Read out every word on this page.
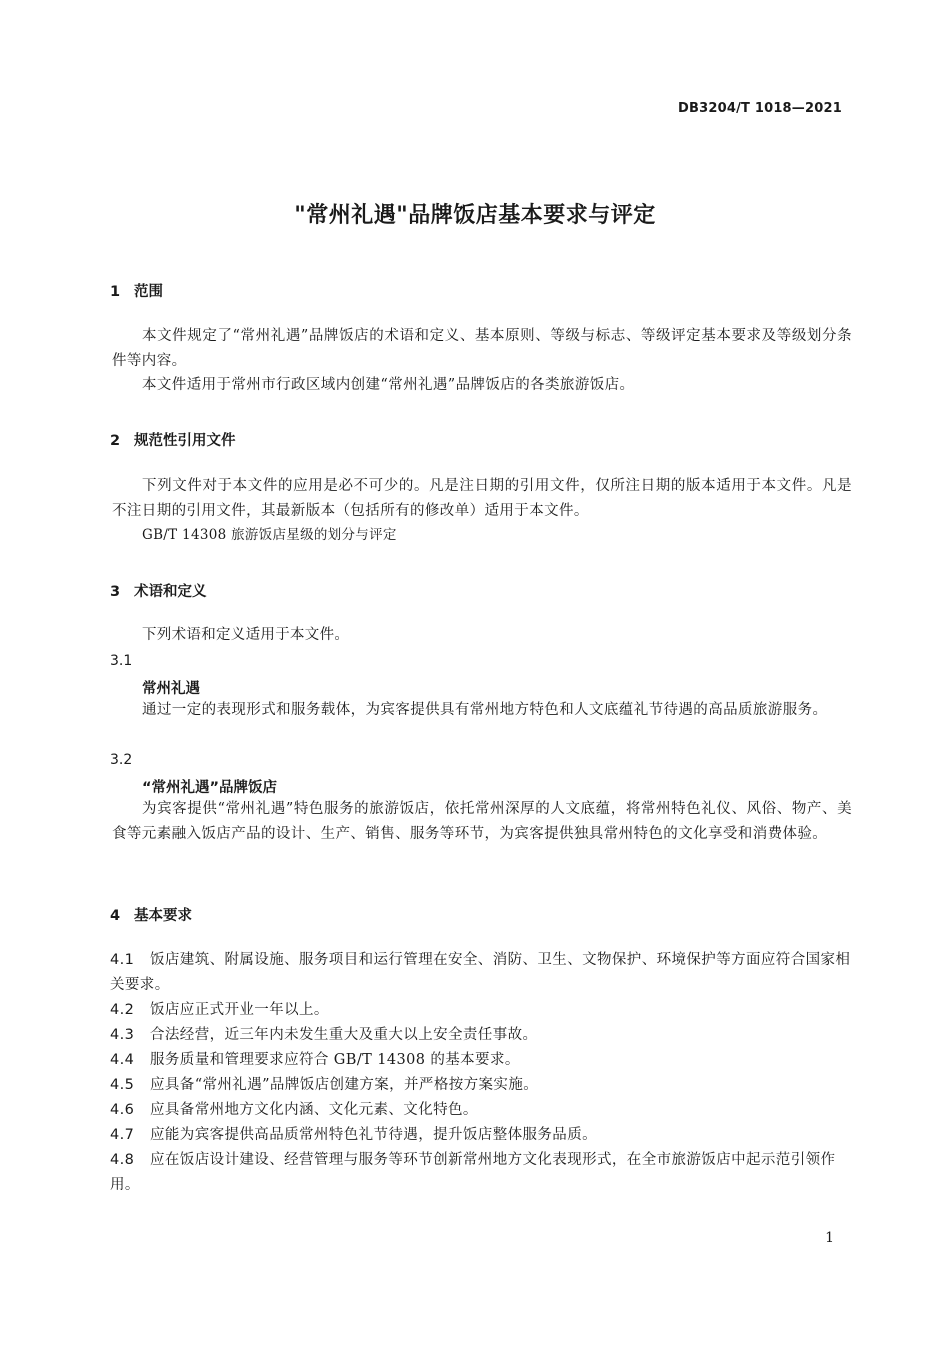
DB3204/T 1018—2021
"常州礼遇"品牌饭店基本要求与评定
1 范围
本文件规定了“常州礼遇”品牌饭店的术语和定义、基本原则、等级与标志、等级评定基本要求及等级划分条件等内容。
本文件适用于常州市行政区域内创建“常州礼遇”品牌饭店的各类旅游饭店。
2 规范性引用文件
下列文件对于本文件的应用是必不可少的。凡是注日期的引用文件，仅所注日期的版本适用于本文件。凡是不注日期的引用文件，其最新版本（包括所有的修改单）适用于本文件。
GB/T 14308 旅游饭店星级的划分与评定
3 术语和定义
下列术语和定义适用于本文件。
3.1
常州礼遇
通过一定的表现形式和服务载体，为宾客提供具有常州地方特色和人文底蕴礼节待遇的高品质旅游服务。
3.2
“常州礼遇”品牌饭店
为宾客提供“常州礼遇”特色服务的旅游饭店，依托常州深厚的人文底蕴，将常州特色礼仪、风俗、物产、美食等元素融入饭店产品的设计、生产、销售、服务等环节，为宾客提供独具常州特色的文化享受和消费体验。
4 基本要求
4.1 饭店建筑、附属设施、服务项目和运行管理在安全、消防、卫生、文物保护、环境保护等方面应符合国家相关要求。
4.2 饭店应正式开业一年以上。
4.3 合法经营，近三年内未发生重大及重大以上安全责任事故。
4.4 服务质量和管理要求应符合 GB/T 14308 的基本要求。
4.5 应具备“常州礼遇”品牌饭店创建方案，并严格按方案实施。
4.6 应具备常州地方文化内涵、文化元素、文化特色。
4.7 应能为宾客提供高品质常州特色礼节待遇，提升饭店整体服务品质。
4.8 应在饭店设计建设、经营管理与服务等环节创新常州地方文化表现形式，在全市旅游饭店中起示范引领作用。
1
